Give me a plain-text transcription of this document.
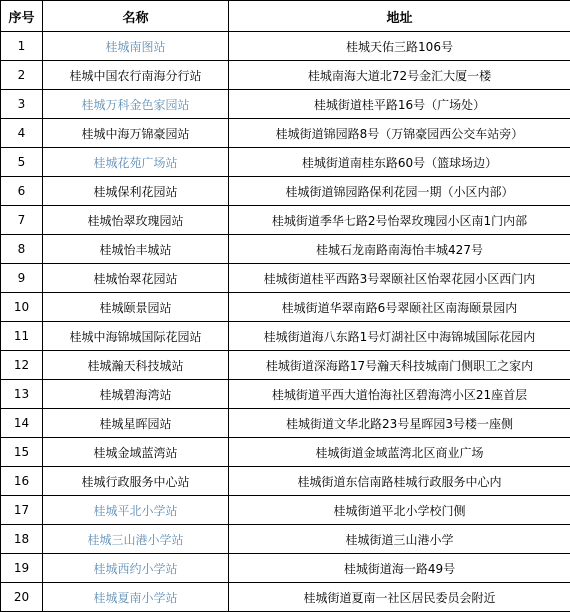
序号	名称	地址
1	桂城南图站	桂城天佑三路106号
2	桂城中国农行南海分行站	桂城南海大道北72号金汇大厦一楼
3	桂城万科金色家园站	桂城街道桂平路16号（广场处）
4	桂城中海万锦豪园站	桂城街道锦园路8号（万锦豪园西公交车站旁）
5	桂城花苑广场站	桂城街道南桂东路60号（篮球场边）
6	桂城保利花园站	桂城街道锦园路保利花园一期（小区内部）
7	桂城怡翠玫瑰园站	桂城街道季华七路2号怡翠玫瑰园小区南1门内部
8	桂城怡丰城站	桂城石龙南路南海怡丰城427号
9	桂城怡翠花园站	桂城街道桂平西路3号翠颐社区怡翠花园小区西门内
10	桂城颐景园站	桂城街道华翠南路6号翠颐社区南海颐景园内
11	桂城中海锦城国际花园站	桂城街道海八东路1号灯湖社区中海锦城国际花园内
12	桂城瀚天科技城站	桂城街道深海路17号瀚天科技城南门侧职工之家内
13	桂城碧海湾站	桂城街道平西大道怡海社区碧海湾小区21座首层
14	桂城星晖园站	桂城街道文华北路23号星晖园3号楼一座侧
15	桂城金域蓝湾站	桂城街道金域蓝湾北区商业广场
16	桂城行政服务中心站	桂城街道东信南路桂城行政服务中心内
17	桂城平北小学站	桂城街道平北小学校门侧
18	桂城三山港小学站	桂城街道三山港小学
19	桂城西约小学站	桂城街道海一路49号
20	桂城夏南小学站	桂城街道夏南一社区居民委员会附近
